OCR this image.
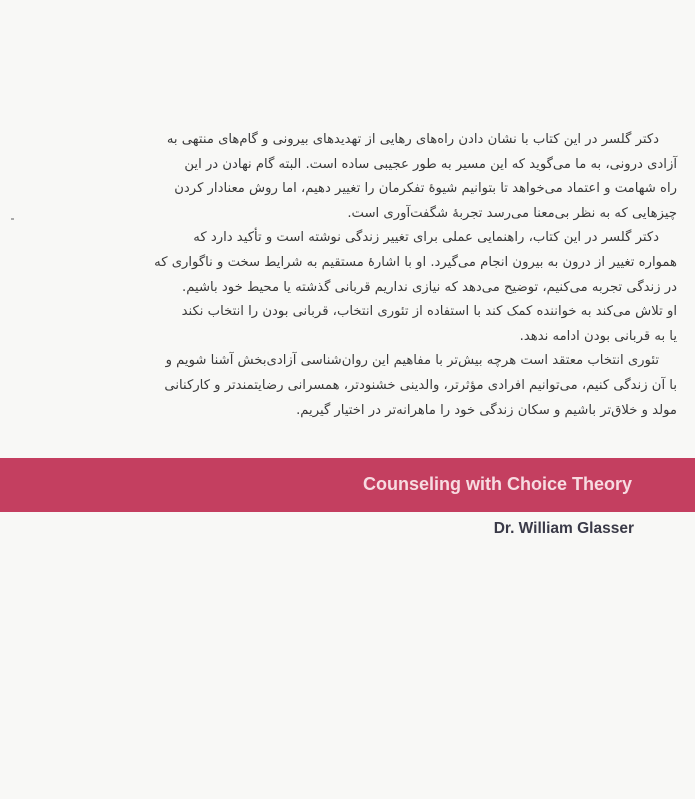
دکتر گلسر در این کتاب با نشان دادن راه‌های رهایی از تهدیدهای بیرونی و گام‌های منتهی به
آزادی درونی، به ما می‌گوید که این مسیر به طور عجیبی ساده است. البته گام نهادن در این
راه شهامت و اعتماد می‌خواهد تا بتوانیم شیوهٔ تفکرمان را تغییر دهیم، اما روش معنادار کردن
چیزهایی که به نظر بی‌معنا می‌رسد تجربهٔ شگفت‌آوری است.
دکتر گلسر در این کتاب، راهنمایی عملی برای تغییر زندگی نوشته است و تأکید دارد که
همواره تغییر از درون به بیرون انجام می‌گیرد. او با اشارهٔ مستقیم به شرایط سخت و ناگواری که
در زندگی تجربه می‌کنیم، توضیح می‌دهد که نیازی نداریم قربانی گذشته یا محیط خود باشیم.
او تلاش می‌کند به خواننده کمک کند با استفاده از تئوری انتخاب، قربانی بودن را انتخاب نکند
یا به قربانی بودن ادامه ندهد.
تئوری انتخاب معتقد است هرچه بیش‌تر با مفاهیم این روان‌شناسی آزادی‌بخش آشنا شویم و
با آن زندگی کنیم، می‌توانیم افرادی مؤثرتر، والدینی خشنودتر، همسرانی رضایتمندتر و کارکنانی
مولد و خلاق‌تر باشیم و سکان زندگی خود را ماهرانه‌تر در اختیار گیریم.
Counseling with Choice Theory
Dr. William Glasser
